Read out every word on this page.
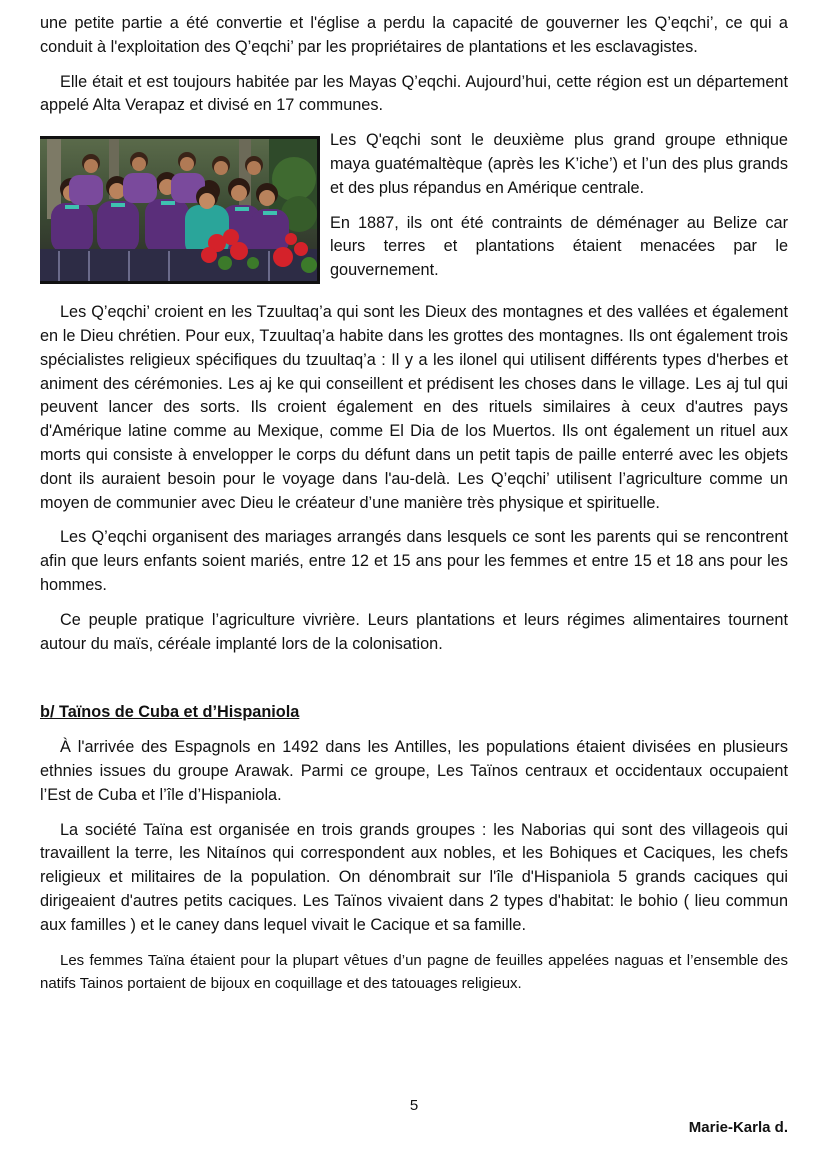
une petite partie a été convertie et l'église a perdu la capacité de gouverner les Q’eqchi’, ce qui a conduit à l'exploitation des Q’eqchi’ par les propriétaires de plantations et les esclavagistes.

Elle était et est toujours habitée par les Mayas Q’eqchi. Aujourd’hui, cette région est un département appelé Alta Verapaz et divisé en 17 communes.

Les Q'eqchi sont le deuxième plus grand groupe ethnique maya guatémaltèque (après les K’iche’) et l’un des plus grands et des plus répandus en Amérique centrale.

En 1887, ils ont été contraints de déménager au Belize car leurs terres et plantations étaient menacées par le gouvernement.

Les Q’eqchi’ croient en les Tzuultaq’a qui sont les Dieux des montagnes et des vallées et également en le Dieu chrétien. Pour eux, Tzuultaq’a habite dans les grottes des montagnes. Ils ont également trois spécialistes religieux spécifiques du tzuultaq’a : Il y a les ilonel qui utilisent différents types d'herbes et animent des cérémonies. Les aj ke qui conseillent et prédisent les choses dans le village. Les aj tul qui peuvent lancer des sorts. Ils croient également en des rituels similaires à ceux d'autres pays d'Amérique latine comme au Mexique, comme El Dia de los Muertos. Ils ont également un rituel aux morts qui consiste à envelopper le corps du défunt dans un petit tapis de paille enterré avec les objets dont ils auraient besoin pour le voyage dans l'au-delà. Les Q’eqchi’ utilisent l’agriculture comme un moyen de communier avec Dieu le créateur d’une manière très physique et spirituelle.

Les Q’eqchi organisent des mariages arrangés dans lesquels ce sont les parents qui se rencontrent afin que leurs enfants soient mariés, entre 12 et 15 ans pour les femmes et entre 15 et 18 ans pour les hommes.

Ce peuple pratique l’agriculture vivrière. Leurs plantations et leurs régimes alimentaires tournent autour du maïs, céréale implanté lors de la colonisation.

b/ Taïnos de Cuba et d’Hispaniola

À l'arrivée des Espagnols en 1492 dans les Antilles, les populations étaient divisées en plusieurs ethnies issues du groupe Arawak. Parmi ce groupe, Les Taïnos centraux et occidentaux occupaient l’Est de Cuba et l’île d’Hispaniola.

La société Taïna est organisée en trois grands groupes : les Naborias qui sont des villageois qui travaillent la terre, les Nitaínos qui correspondent aux nobles, et les Bohiques et Caciques, les chefs religieux et militaires de la population. On dénombrait sur l'île d'Hispaniola 5 grands caciques qui dirigeaient d'autres petits caciques. Les Taïnos vivaient dans 2 types d'habitat: le bohio ( lieu commun aux familles ) et le caney dans lequel vivait le Cacique et sa famille.

Les femmes Taïna étaient pour la plupart vêtues d’un pagne de feuilles appelées naguas et l’ensemble des natifs Tainos portaient de bijoux en coquillage et des tatouages religieux.

5
Marie-Karla d.
